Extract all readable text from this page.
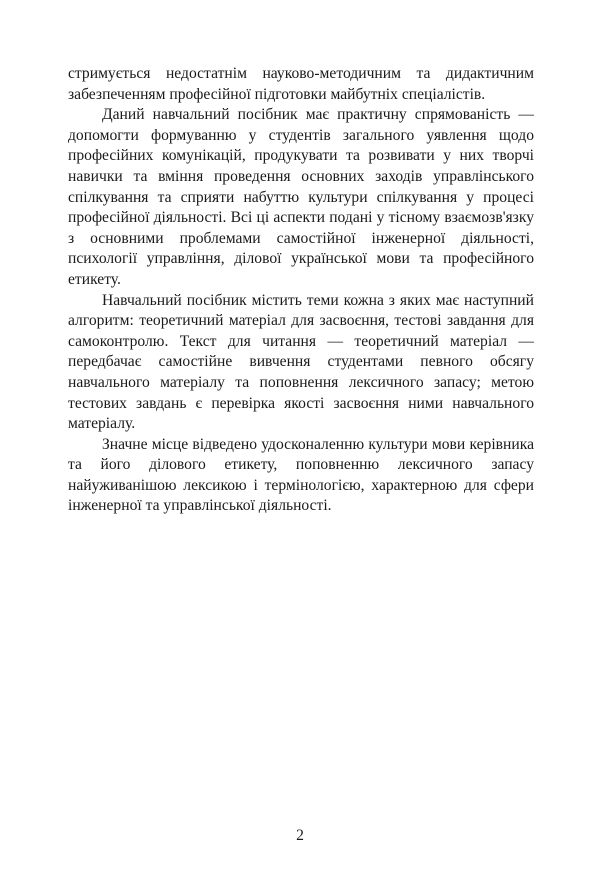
стримується недостатнім науково-методичним та дидактичним забезпеченням професійної підготовки майбутніх спеціалістів.

Даний навчальний посібник має практичну спрямованість — допомогти формуванню у студентів загального уявлення щодо професійних комунікацій, продукувати та розвивати у них творчі навички та вміння проведення основних заходів управлінського спілкування та сприяти набуттю культури спілкування у процесі професійної діяльності. Всі ці аспекти подані у тісному взаємозв'язку з основними проблемами самостійної інженерної діяльності, психології управління, ділової української мови та професійного етикету.

Навчальний посібник містить теми кожна з яких має наступний алгоритм: теоретичний матеріал для засвоєння, тестові завдання для самоконтролю. Текст для читання — теоретичний матеріал — передбачає самостійне вивчення студентами певного обсягу навчального матеріалу та поповнення лексичного запасу; метою тестових завдань є перевірка якості засвоєння ними навчального матеріалу.

Значне місце відведено удосконаленню культури мови керівника та його ділового етикету, поповненню лексичного запасу найуживанішою лексикою і термінологією, характерною для сфери інженерної та управлінської діяльності.

2
